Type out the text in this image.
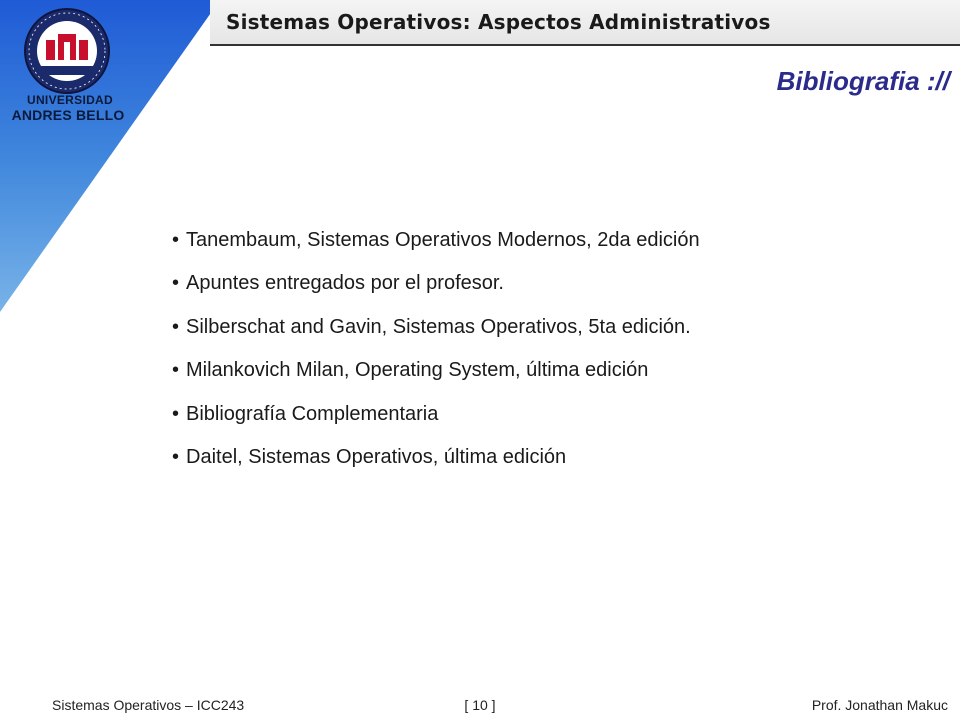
Sistemas Operativos: Aspectos Administrativos
UNIVERSIDAD
ANDRES BELLO
Bibliografia ://
• Tanembaum, Sistemas Operativos Modernos, 2da edición
• Apuntes entregados por el profesor.
• Silberschat and Gavin, Sistemas Operativos, 5ta edición.
• Milankovich Milan, Operating System, última edición
• Bibliografía Complementaria
• Daitel, Sistemas Operativos, última edición
Sistemas Operativos – ICC243	[ 10 ]	Prof. Jonathan Makuc
